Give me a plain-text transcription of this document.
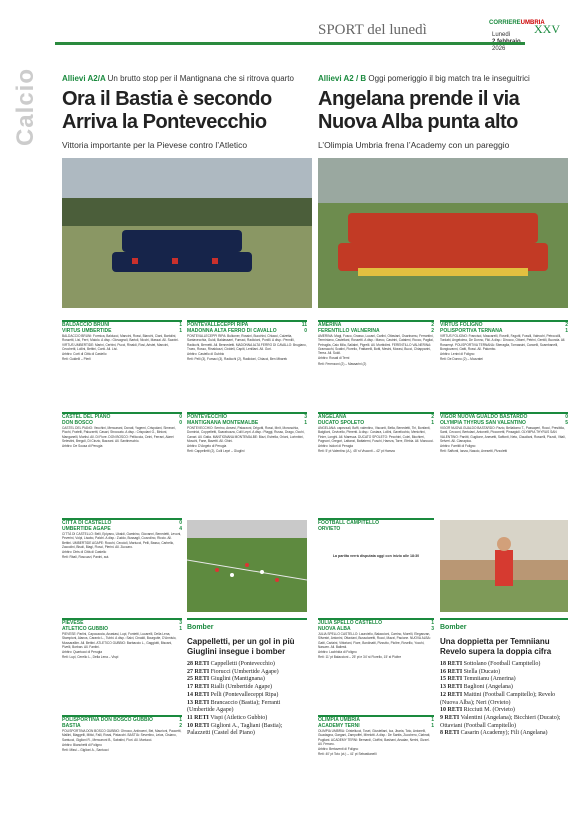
SPORT del lunedì	CORRIEREUMBRIA
Lunedì
2026
XXV
Calcio	Allievi A2/A Un brutto stop per il Mantignana che si ritrova quarto
Ora il Bastia è secondo
Arriva la Pontevecchio
Vittoria importante per la Pievese contro l’Atletico
Allievi A2 / B Oggi pomeriggio il big match tra le inseguitrici
Angelana prende il via
Nuova Alba punta alto
L’Olimpia Umbria frena l’Academy con un pareggio
BALDACCIO BRUNI	1
VIRTUS UMBERTIDE	1

BALDACCIO BRUNI: Formica, Balducci, Mancini, Rossi, Bianchi, Ciani, Bartolini, Rossetti, Lisi, Ferri, Maiolo. A disp.: Giovagnoli, Bartoli, Nicchi, Massai. All. Scavini. VIRTUS UMBERTIDE: Marini, Cerbini, Pucci, Rinaldi, Rosi, Aristei, Mancini, Cecchetti, Lollini, Bettini, Conti. All. Lisi.

Arbitro: Corti di Città di Castello

Reti: Guidelli – Pierli

CASTEL DEL PIANO	0
DON BOSCO	0

CASTEL DEL PIANO: Vecchini, Mencarani, Donati, Yagemi, Crispolani, Simeoni, Picchi, Fratelli, Paluzzetti, Casari, Stroccato. A disp.: Crispolani G., Binioni, Manganelli, Mortisi. All. Di Fiore. DON BOSCO: Pellicccia, Ceini, Ferrani, Alarei Selestini, Bregoli, Di Cinzio, Bazzani. All. Santineschio.

Arbitro: De Sousa di Perugia

CITTÀ DI CASTELLO	0
UMBERTIDE AGAPE	4

CITTÀ DI CASTELLO: Belli, Epiyanu, Ubaldi, Gambino, Giovanni, Benedetti, Levoni, Peverini, Volpi, Lisabo, Palchi. A disp.: Zuddo, Bussagli, Cozzolino, Riccio. All. Bettini. UMBERTIDE AGAPE: Rocchi, Ceccioli, Mariucci, Pelli, Basso, Carbello, Zaccolini, Bisoli, Biagi, Flosci, Pierini. All. Zuccaro.

Arbitro: Dirts di Città di Castello

Reti: Rbali, Roscuzzi, Panini, aut.

PIEVESE	3
ATLETICO GUBBIO	1

PIEVESE: Parlini, Capocaccia, Anastasi, Lupi, Fontetti, Lucarelli, Della Lena, Stampioni, Alanos, Caranlo L., Tubbi. A disp.: Salvi, Cinaldi, Bourguite, D'Annisio, Mussarallim. All. Bettini. ATLETICO GUBBIO: Barbaccio L., Gaggiotti, Biscani, Pivelli, Borban. All. Fantini.

Arbitro: Quartucci di Perugia

Reti: Lupi, Cerello L., Della Lena – Vispi

POLISPORTINA DON BOSCO GUBBIO	1
BASTIA	2

POLISPORTINA DON BOSCO GUBBIO: Ohnoco, Antinoeni, Bei, Maurioni, Paucetti, Mallini, Biaggelli, Mitici, Falli, Rossi, Pistacchi. BASTIA: Severlino, Leiva, Cisiano, Santucci, Giglioni R., Mencaroni B., Sabatini, Flori. All. Mariucci.

Arbitro: Bianchetti di Foligno

Reti: Missi – Giglioni A., Santucci

PONTEVALLECEPPI RIPA	11
MADONNA ALTA FERRO DI CAVALLO	0

PONTEVALLECEPPI RIPA: Bulkoner, Rossini, Bucchini, Chiacci, Calzetta, Santavecchia, Guidi, Baldassarri, Fumaci, Radicioni, Ponilli. A disp.: Pennilli, Radicchi, Bernetti. All. Bennedetti. MADONNA ALTA FERRO DI CAVALLO: Brugiano, Trueo, Rosso, Rinaldozzi, Cividell, Capiti, Lenillani. All. Gori.

Arbitro: Castello di Gubbio

Reti: Pelli (3), Fumaci (3), Radicchi (2), Radicioni, Chiacci, Ben Mbarek

PONTEVECCHIO	3
MANTIGNANA MONTEMALBE	1

PONTEVECCHIO: Serrino, Ansesl, Palazzoni, Drigotti, Rossi, Mnit, Monoschia, Dominici, Coppelletti, Scarabuzza, Colli Lepri. A disp.: Piaggi, Russo, Drago, Occhi, Canari. All. Gatia. MANTIGNANA MONTEMALBE: Bizzi, Estrella, Orioni, Lorimbini, Moschi, Fane, Bavetti. All. Ghini.

Arbitro: D'Angelo di Perugia

Reti: Cappelletti (2), Colli Lepri – Giuglini

Bomber
Cappelletti, per un gol in più Giuglini insegue i bomber
28 RETI Cappelletti (Pontevecchio)
27 RETI Fiorucci (Umbertide Agape)
25 RETI Giuglini (Mantignana)
17 RETI Rialli (Umbertide Agape)
14 RETI Pelli (Pontevalleceppi Ripa)
13 RETI Brancaccio (Bastia); Ferranti (Umbertide Agape)
11 RETI Vispi (Atletico Gubbio)
10 RETI Giglioni A., Tagliani (Bastia); Palazzetti (Castel del Piano)
AMERINA	2
FERENTILLO VALNERINA	2

AMERINA: Magi, Fusco, Grasso, Lucani, Carlini, Ottaviani, Osarinamu, Ferrantini, Terminiano, Castellani, Rossetti. A disp.: Marco, Castrini, Cataleni, Rocco, Pagliai, Petrugila, Caio Mila, Saliabri, Pigrelli. All. Morbidimi. FERENTILLO VALNERINA: Gramacchi, Scatini, Fiorello, Frattarelli, Botti, Mesini, Morasi, Bucci, Chiapparini, Terea. All. Soldi.

Arbitro: Rosati di Terni

Reti: Ferenzoni (2) – Massarini (2)

ANGELANA	2
DUCATO SPOLETO	1

ANGELANA: capezzali, Boffi, valentino, Visconti, Bella, Benedetti, Tiri, Bonfanti, Baiglioni, Cevicello, Pimenti. A disp.: Costara, Lollini, Gavelicchio, Menichini, Finier, Longhi. All. Maresca. DUCATO SPOLETO: Pecchini, Colei, Bicchieri, Pagnoni, Gregori, Lattanzi, Battaterni, Fuschi, Hamza, Torre, Efebia. All. Marcucci.

Arbitro: Isidori di Perugia

Reti: 5’ pt Valentino (A.), 45’ st Visconti – 42’ pt Hamza

FOOTBALL CAMPITELLO
ORVIETO

La partita verrà disputata oggi con inizio alle 18:30

JULIA SPELLO CASTELLO	1
NUOVA ALBA	3

JULIA SPELLO CASTELLO: Laurciello, Balaccioni, Carrino, Morelli, Eleganzan, Silvestri, Antonini, Ottaviani, Bussolaretti, Rucci, Mazzi, Pacione. NUOVA ALBA: Gatti, Carlaini, Vittoriani, Fiore, Bordinatti, Pizzutto, Pioltre, Rovellic, Yocchi, Nasuen. All. Ballesti.

Arbitro: Lachhida di Foligno

Reti: 11’ pt Balaccioni – 25’ pt e 34’ st Fiorello, 15’ st Pioltre

OLIMPIA UMBRIA	1
ACADEMY TERNI	1

OLIMPIA UMBRIA: Cristellucci, Tosei, Giustellani, Ica, Jbaria, Toto, Antonelli, Guadagna, Gargani, Zampoffel, Mirelotti. A disp.: De Santis, Zucchero, Ciabrati, Pugilani. ACADEMY TERNI: Bernardi, Cioffini, Bashani, Arsalan, Nerini, Gizzel. All. Ferraro.

Arbitro: Bertaventi di Foligno

Reti: 40’ pt Toto (ct.) – 41’ pt Sebastianelli

VIRTUS FOLIGNO	2
POLISPORTIVA TERNANA	1

VIRTUS FOLIGNO: Francisci, Mascarelli, Rovelli, Fagotti, Fossili, Valecchi, Petroccilli, Tordabi, Angeloimo, De Donno, Fiki. A disp.: Dirocco, Ottomi, Petrini, Gentili, Buonda. All. Rossenyi. POLISPORTIVA TERNANA: Sberaglia, Tomassini, Cancelli, Scambanelli, Bongiovanni, Gatti, Rossi. All. Palumbo.

Arbitro: Lenini di Foligno

Reti: De Donno (2) – Mozzatei

VIGOR NUOVA GUALDO BASTARDO	0
OLYMPIA THYRUS SAN VALENTINO	5

VIGOR NUOVA GUALDO BASTARDO: Pazio, Bellaliomo T., Passaperi, Rocci, Presiblia, Santi, Cecconi, Bertolani, Antonelli, Picconetti, Pinsagioli. OLYMPIA THYRUS SAN VALENTINO: Panitti, Guglione, Anesetti, Saffonti, Neto, Claudiani, Rosselli, Pizzoli, Vitali, Selveri. All. Cianapica.

Arbitro: Farritili di Foligno

Reti: Saffonti, Ianza, Nasoio, Anesetti, Pizzoletti

Bomber
Una doppietta per Temniianu Revelo supera la doppia cifra
18 RETI Sottolano (Football Campitello)
16 RETI Stella (Ducato)
15 RETI Temniianu (Amerina)
13 RETI Baglioni (Angelana)
12 RETI Maitini (Football Campitello); Revelo (Nuova Alba); Neri (Orvieto)
10 RETI Ricciuti M. (Orvieto)
9 RETI Valentini (Angelana); Bicchieri (Ducato); Ottaviani (Football Campitello)
8 RETI Casarin (Academy); Fili (Angelana)
